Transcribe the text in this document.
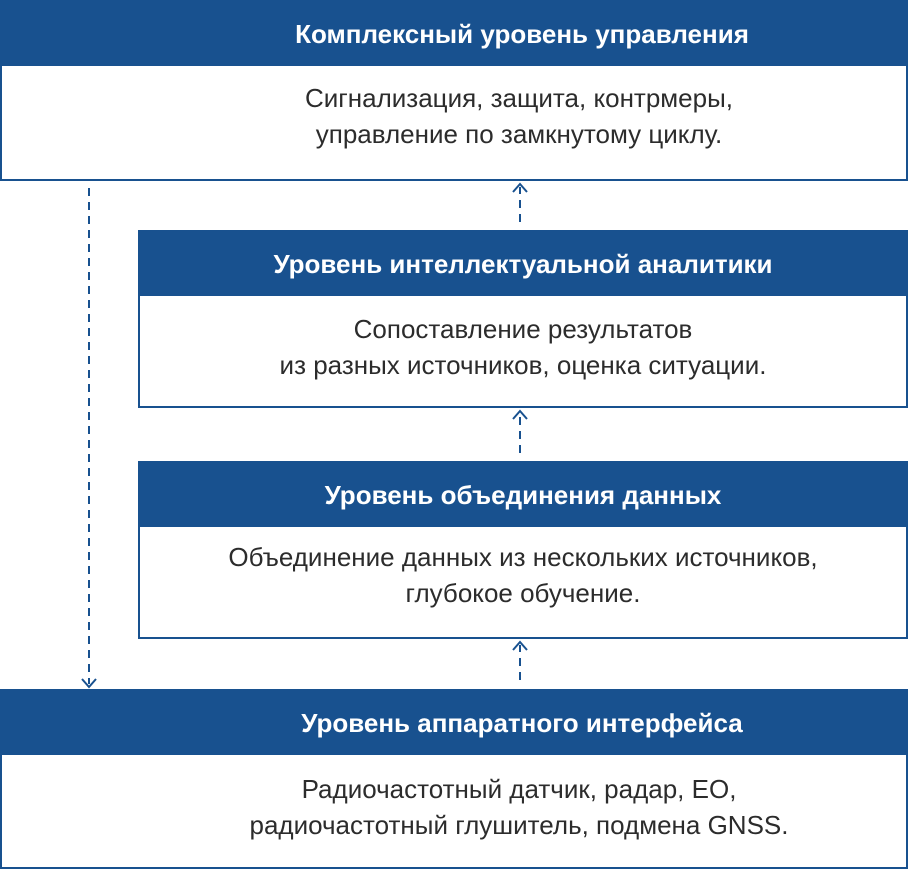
Комплексный уровень управления
Сигнализация, защита, контрмеры,
управление по замкнутому циклу.
Уровень интеллектуальной аналитики
Сопоставление результатов
из разных источников, оценка ситуации.
Уровень объединения данных
Объединение данных из нескольких источников,
глубокое обучение.
Уровень аппаратного интерфейса
Радиочастотный датчик, радар, ЕО,
радиочастотный глушитель, подмена GNSS.
